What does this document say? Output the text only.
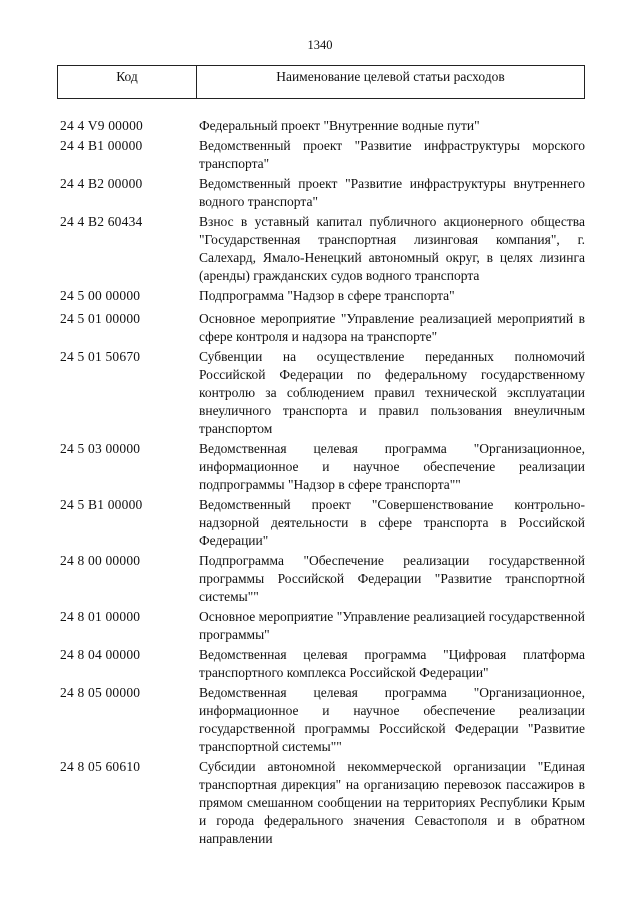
1340
Код	Наименование целевой статьи расходов
24 4 V9 00000	Федеральный проект "Внутренние водные пути"
24 4 B1 00000	Ведомственный проект "Развитие инфраструктуры морского транспорта"
24 4 B2 00000	Ведомственный проект "Развитие инфраструктуры внутреннего водного транспорта"
24 4 B2 60434	Взнос в уставный капитал публичного акционерного общества "Государственная транспортная лизинговая компания", г. Салехард, Ямало-Ненецкий автономный округ, в целях лизинга (аренды) гражданских судов водного транспорта
24 5 00 00000	Подпрограмма "Надзор в сфере транспорта"
24 5 01 00000	Основное мероприятие "Управление реализацией мероприятий в сфере контроля и надзора на транспорте"
24 5 01 50670	Субвенции на осуществление переданных полномочий Российской Федерации по федеральному государственному контролю за соблюдением правил технической эксплуатации внеуличного транспорта и правил пользования внеуличным транспортом
24 5 03 00000	Ведомственная целевая программа "Организационное, информационное и научное обеспечение реализации подпрограммы "Надзор в сфере транспорта""
24 5 B1 00000	Ведомственный проект "Совершенствование контрольно-надзорной деятельности в сфере транспорта в Российской Федерации"
24 8 00 00000	Подпрограмма "Обеспечение реализации государственной программы Российской Федерации "Развитие транспортной системы""
24 8 01 00000	Основное мероприятие "Управление реализацией государственной программы"
24 8 04 00000	Ведомственная целевая программа "Цифровая платформа транспортного комплекса Российской Федерации"
24 8 05 00000	Ведомственная целевая программа "Организационное, информационное и научное обеспечение реализации государственной программы Российской Федерации "Развитие транспортной системы""
24 8 05 60610	Субсидии автономной некоммерческой организации "Единая транспортная дирекция" на организацию перевозок пассажиров в прямом смешанном сообщении на территориях Республики Крым и города федерального значения Севастополя и в обратном направлении
